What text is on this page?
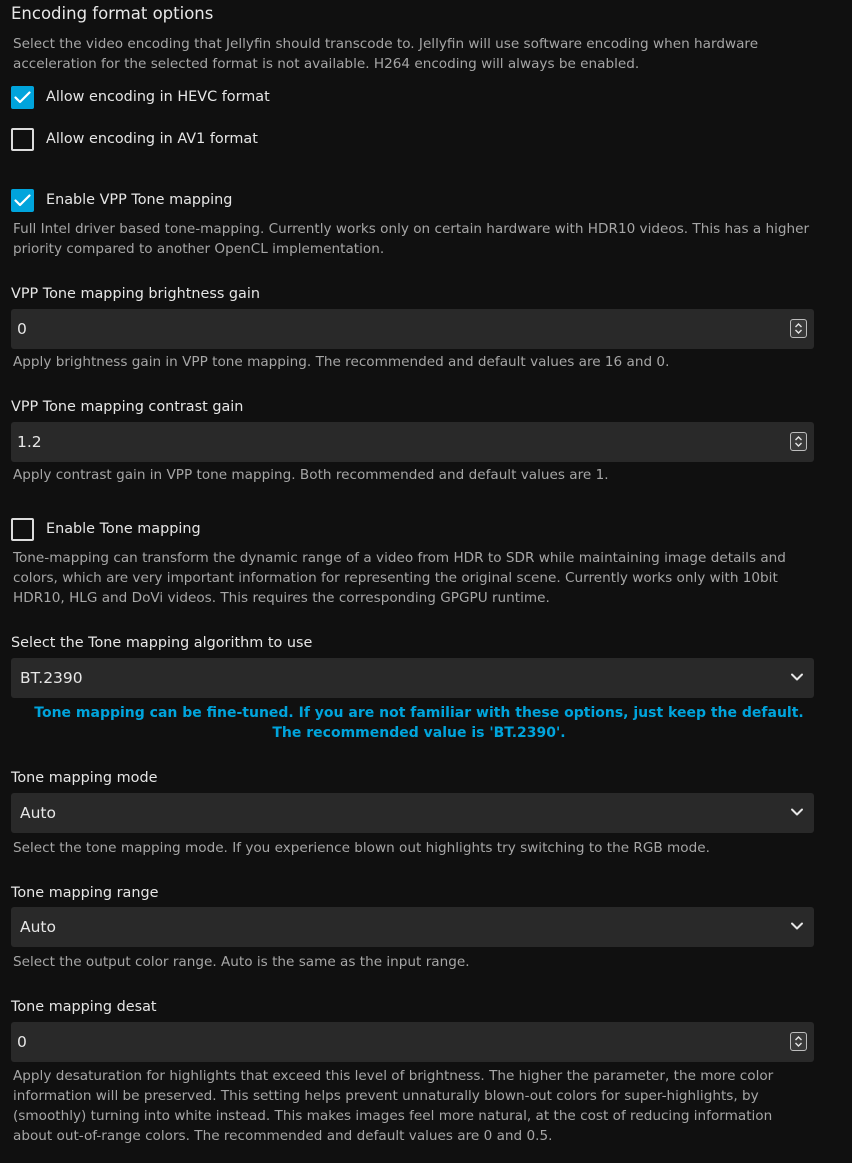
Encoding format options
Select the video encoding that Jellyfin should transcode to. Jellyfin will use software encoding when hardware acceleration for the selected format is not available. H264 encoding will always be enabled.
Allow encoding in HEVC format
Allow encoding in AV1 format
Enable VPP Tone mapping
Full Intel driver based tone-mapping. Currently works only on certain hardware with HDR10 videos. This has a higher priority compared to another OpenCL implementation.
VPP Tone mapping brightness gain
0
Apply brightness gain in VPP tone mapping. The recommended and default values are 16 and 0.
VPP Tone mapping contrast gain
1.2
Apply contrast gain in VPP tone mapping. Both recommended and default values are 1.
Enable Tone mapping
Tone-mapping can transform the dynamic range of a video from HDR to SDR while maintaining image details and colors, which are very important information for representing the original scene. Currently works only with 10bit HDR10, HLG and DoVi videos. This requires the corresponding GPGPU runtime.
Select the Tone mapping algorithm to use
BT.2390
Tone mapping can be fine-tuned. If you are not familiar with these options, just keep the default. The recommended value is 'BT.2390'.
Tone mapping mode
Auto
Select the tone mapping mode. If you experience blown out highlights try switching to the RGB mode.
Tone mapping range
Auto
Select the output color range. Auto is the same as the input range.
Tone mapping desat
0
Apply desaturation for highlights that exceed this level of brightness. The higher the parameter, the more color information will be preserved. This setting helps prevent unnaturally blown-out colors for super-highlights, by (smoothly) turning into white instead. This makes images feel more natural, at the cost of reducing information about out-of-range colors. The recommended and default values are 0 and 0.5.
